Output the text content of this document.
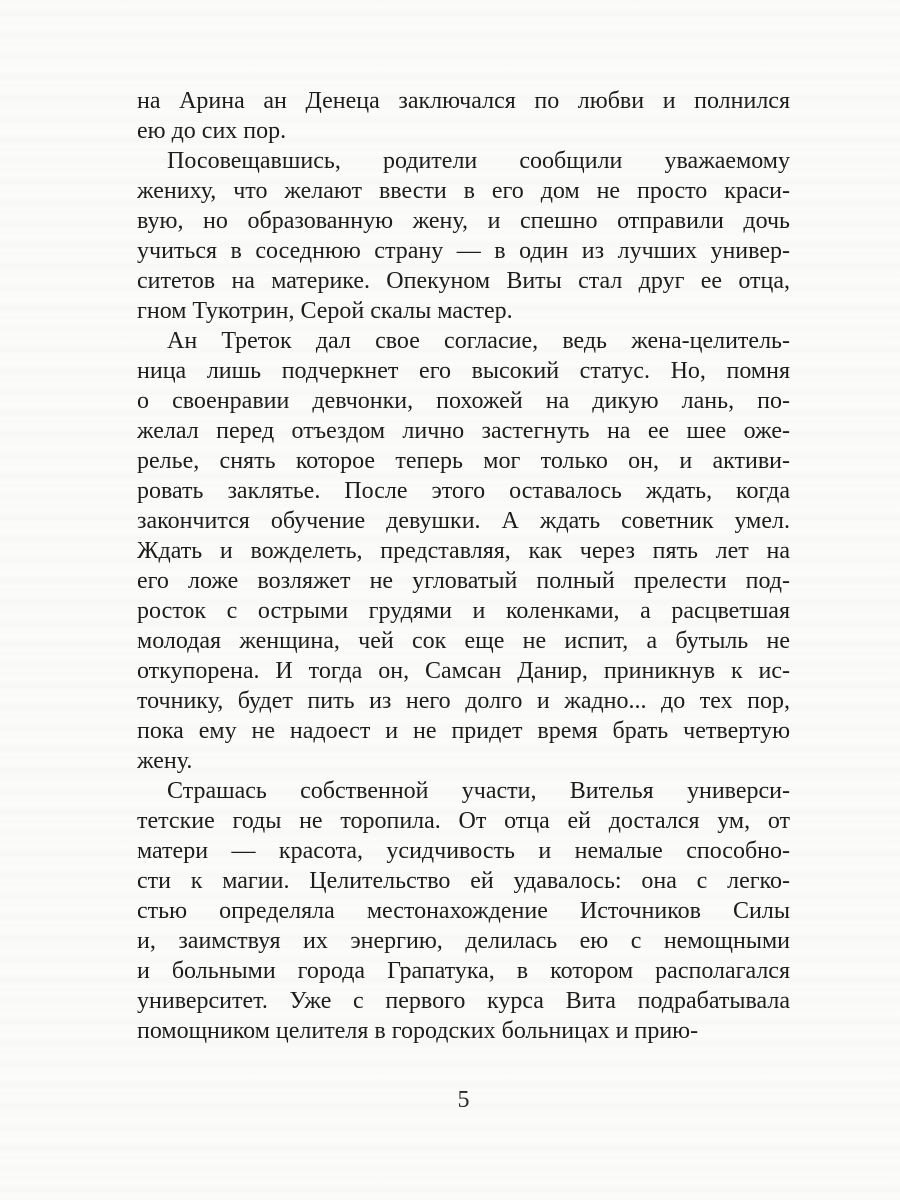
на Арина ан Денеца заключался по любви и полнился
ею до сих пор.
Посовещавшись, родители сообщили уважаемому
жениху, что желают ввести в его дом не просто краси-
вую, но образованную жену, и спешно отправили дочь
учиться в соседнюю страну — в один из лучших универ-
ситетов на материке. Опекуном Виты стал друг ее отца,
гном Тукотрин, Серой скалы мастер.
Ан Треток дал свое согласие, ведь жена-целитель-
ница лишь подчеркнет его высокий статус. Но, помня
о своенравии девчонки, похожей на дикую лань, по-
желал перед отъездом лично застегнуть на ее шее оже-
релье, снять которое теперь мог только он, и активи-
ровать заклятье. После этого оставалось ждать, когда
закончится обучение девушки. А ждать советник умел.
Ждать и вожделеть, представляя, как через пять лет на
его ложе возляжет не угловатый полный прелести под-
росток с острыми грудями и коленками, а расцветшая
молодая женщина, чей сок еще не испит, а бутыль не
откупорена. И тогда он, Самсан Данир, приникнув к ис-
точнику, будет пить из него долго и жадно... до тех пор,
пока ему не надоест и не придет время брать четвертую
жену.
Страшась собственной участи, Вителья универси-
тетские годы не торопила. От отца ей достался ум, от
матери — красота, усидчивость и немалые способно-
сти к магии. Целительство ей удавалось: она с легко-
стью определяла местонахождение Источников Силы
и, заимствуя их энергию, делилась ею с немощными
и больными города Грапатука, в котором располагался
университет. Уже с первого курса Вита подрабатывала
помощником целителя в городских больницах и прию-
5
